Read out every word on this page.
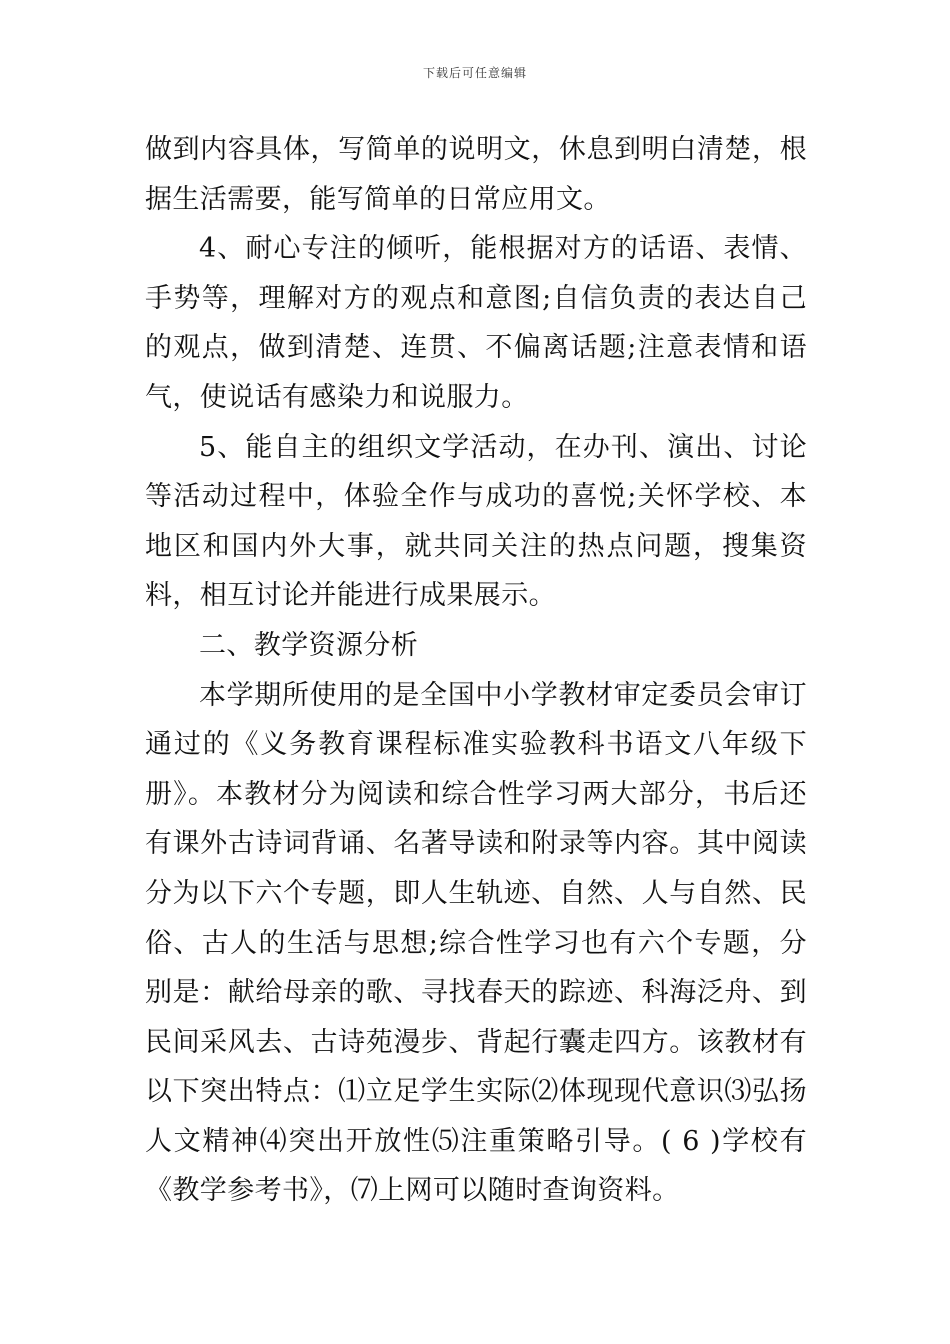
下载后可任意编辑

做到内容具体，写简单的说明文，休息到明白清楚，根据生活需要，能写简单的日常应用文。

4、耐心专注的倾听，能根据对方的话语、表情、手势等，理解对方的观点和意图;自信负责的表达自己的观点，做到清楚、连贯、不偏离话题;注意表情和语气，使说话有感染力和说服力。

5、能自主的组织文学活动，在办刊、演出、讨论等活动过程中，体验全作与成功的喜悦;关怀学校、本地区和国内外大事，就共同关注的热点问题，搜集资料，相互讨论并能进行成果展示。

二、教学资源分析

本学期所使用的是全国中小学教材审定委员会审订通过的《义务教育课程标准实验教科书语文八年级下册》。本教材分为阅读和综合性学习两大部分，书后还有课外古诗词背诵、名著导读和附录等内容。其中阅读分为以下六个专题，即人生轨迹、自然、人与自然、民俗、古人的生活与思想;综合性学习也有六个专题，分别是：献给母亲的歌、寻找春天的踪迹、科海泛舟、到民间采风去、古诗苑漫步、背起行囊走四方。该教材有以下突出特点：⑴立足学生实际⑵体现现代意识⑶弘扬人文精神⑷突出开放性⑸注重策略引导。( 6 )学校有《教学参考书》，⑺上网可以随时查询资料。
